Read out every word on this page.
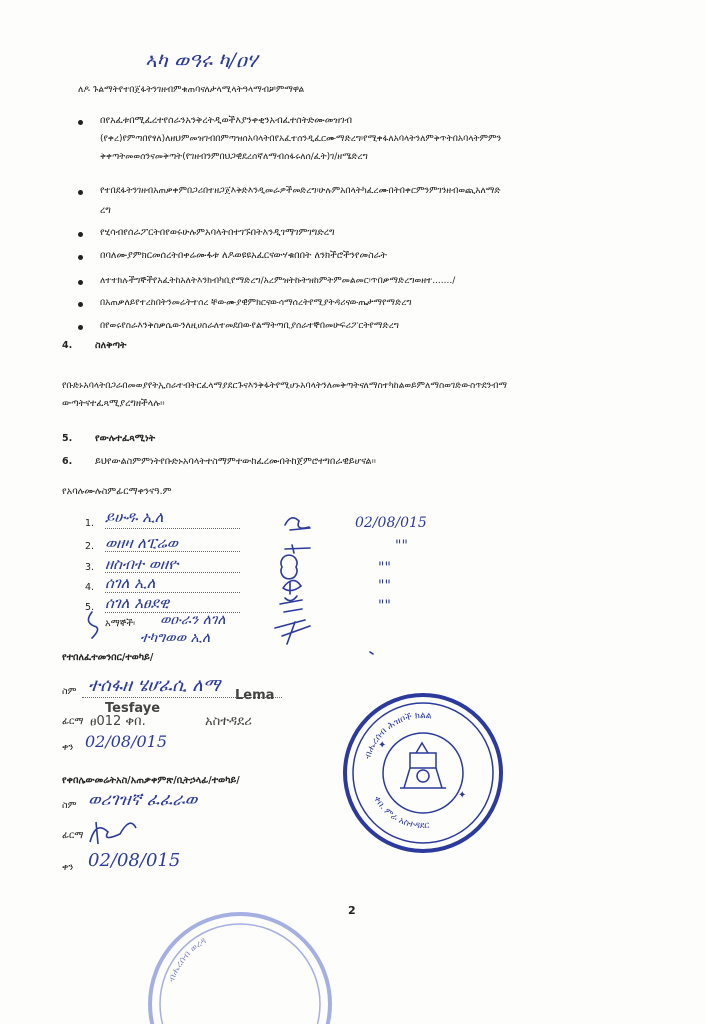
ኣካ ወዓሩ ካ/ዐሃ
ለዶ ጉልማትየተበጀፋትንገዘብምቁጠባናለታላሚላትዓላማብቻምማዋል
በየአፈቱበሚፈረተየሰራንአንቅረትዲወችእያንቀቂንአብፈተሰትድሙመዝገብ
(የቀረ)የምጣበየፃለ)ለዘህምመዝገብበምጣዝሰአባላትበየአፈተሰንዲፈርሙማድረግ፡የሚቀፋለአባላትንለምቅጥትበአባላትምምን
ቅቀጣትመወሰንናመቅጣት(የገዘብንምበህጋዊደረሰኛለማብሰፋሩለሰ/ፈት)ገ/ዘሜድረግ
የተበደፋትንገዘብአጠቃቀምበጋሪበተዘጋጀእቅድእንዲመራዎችመድረግ፡ሁሉምአበላትካፈረሙበትበቀርምንምገንዘብወጪአለማድ
ረግ
የሂሳብየሰራፖርትበየወሩሁሉምአባላትበተገኙበትእንዲገማገምገግድረግ
በባለሙያምክርመሰረትበቀሬሙፋቱ ለዶወዩዩአፈርናውሃቁበበት ለንክችሮችንየመስራት
ለተተክሉችግኞችየአፈትከአለትእንክብካቢየማድረግ/አረምዝትኩትዝከምትምመልመር፡ጥበቃማድረግወዘተ......./
በአጠቃለይየተረከበትንመሬትተሰረ ቸውሙያዊምክርናውሳማሰረትየሚያትዳሪናውጤታማየማድረግ
በየወሩየስራእንቅስቃሴውንለዚሀስራለተመደበውየልማትጣቢያሰራተኞበመሁፍሪፖርትየማድረግ
4. ስለቅጣት
የቡድኑአባላትበጋራበመወያየትኢስራተብትርፈላማያደርጉናእንቅፋትየሚሆኑአባላትንለመቅጣትናለማስተካከልወይምለማስወገድውስጥደንብማ
ውጣትናተፈጻሚያረግዘችላሉ፡፡
5. የውሉተፈጻሚነት
6. ይህየውልስምምነትየቡድኑአባላትተስማምተውከፈረሙበትከጀምሮተግበራዊይሆናል፡፡
የአባሉሙሉስምፊርማቀንናዓ.ም
1. ይሁዱ ኢለ	02/08/015
2. ወዘዛ ለፒሬወ	""
3. ዘስብተ ወዘዮ	""
4. ሰገለ ኢለ	""
5. ሰገለ እፀደዊ	""
አማኞች፡ ወዑራን ለገለ
ተካግወወ ኢለ
የተበለፈተመንበር/ተወካይ/
ስም ተሰፋዘ ሄሆፈሲ ለማ
Tesfaye
Lema
ፊርማ ፀ012 ቀበ.	አስተዳደሪ
ቀን 02/08/015
የቀበሌውመሬትአስ/አጠቃቀምጽ/ቢትኃላፊ/ተወካይ/
ስም ወሪገዝኛ ፈፈራወ
ፊርማ
ቀን 02/08/015
ብሔረሰብ ሕዝቦች ክልል
ቀበ. ምራ አስተዳደር
✦
✦
ብሔረሰብ ወረዳ
2
